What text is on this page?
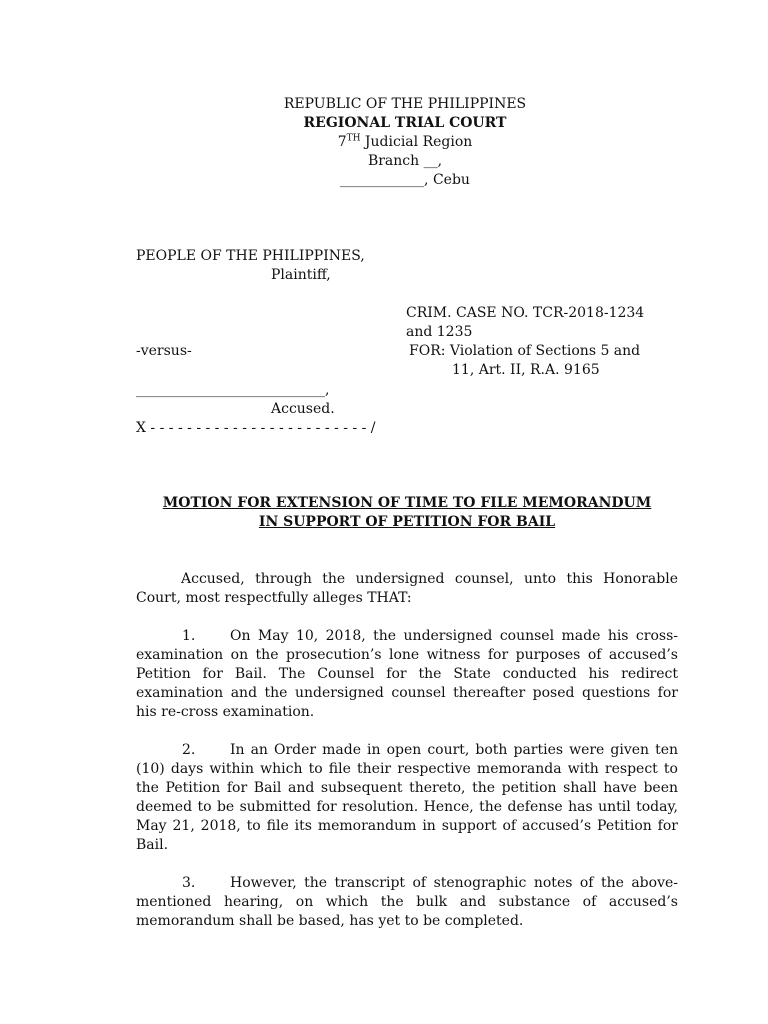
REPUBLIC OF THE PHILIPPINES
REGIONAL TRIAL COURT
7TH Judicial Region
Branch __,
____________, Cebu
PEOPLE OF THE PHILIPPINES,
Plaintiff,
CRIM. CASE NO. TCR-2018-1234
and 1235
-versus-	FOR: Violation of Sections 5 and
11, Art. II, R.A. 9165
___________________________,
Accused.
X - - - - - - - - - - - - - - - - - - - - - - - - /
MOTION FOR EXTENSION OF TIME TO FILE MEMORANDUM
IN SUPPORT OF PETITION FOR BAIL
Accused, through the undersigned counsel, unto this Honorable Court, most respectfully alleges THAT:
1. On May 10, 2018, the undersigned counsel made his cross-examination on the prosecution’s lone witness for purposes of accused’s Petition for Bail. The Counsel for the State conducted his redirect examination and the undersigned counsel thereafter posed questions for his re-cross examination.
2. In an Order made in open court, both parties were given ten (10) days within which to file their respective memoranda with respect to the Petition for Bail and subsequent thereto, the petition shall have been deemed to be submitted for resolution. Hence, the defense has until today, May 21, 2018, to file its memorandum in support of accused’s Petition for Bail.
3. However, the transcript of stenographic notes of the above-mentioned hearing, on which the bulk and substance of accused’s memorandum shall be based, has yet to be completed.
